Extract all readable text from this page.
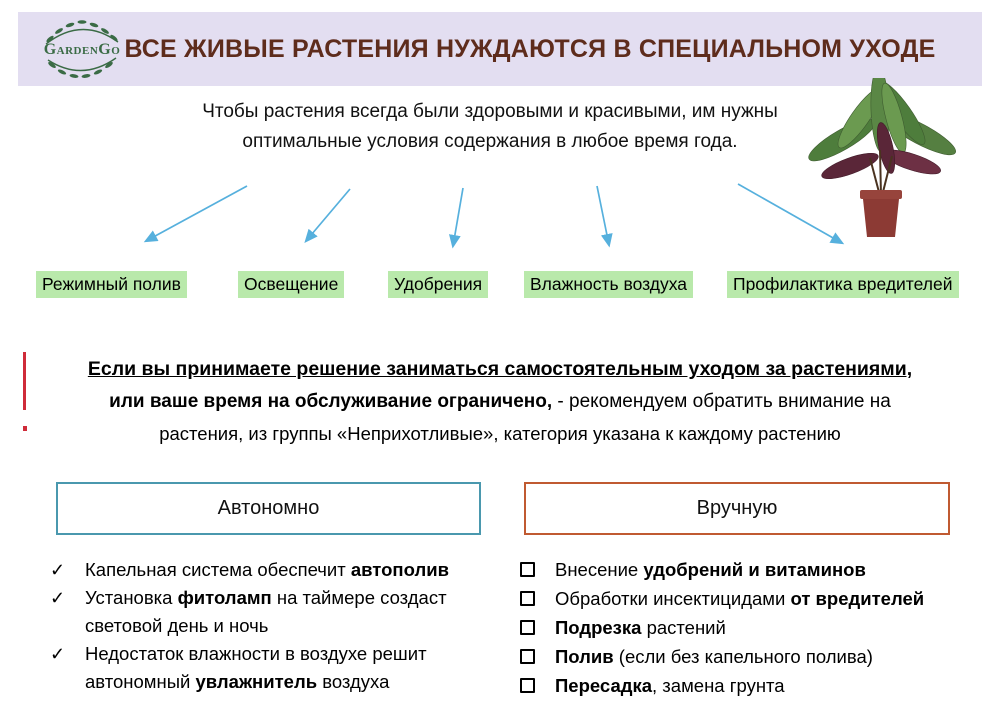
GardenGo ВСЕ ЖИВЫЕ РАСТЕНИЯ НУЖДАЮТСЯ В СПЕЦИАЛЬНОМ УХОДЕ
Чтобы растения всегда были здоровыми и красивыми, им нужны
оптимальные условия содержания в любое время года.
Режимный полив	Освещение	Удобрения	Влажность воздуха	Профилактика вредителей
Если вы принимаете решение заниматься самостоятельным уходом за растениями,
или ваше время на обслуживание ограничено, - рекомендуем обратить внимание на
растения, из группы «Неприхотливые», категория указана к каждому растению
Автономно	Вручную
✓	Капельная система обеспечит автополив
✓	Установка фитоламп на таймере создаст световой день и ночь
✓	Недостаток влажности в воздухе решит автономный увлажнитель воздуха
Внесение удобрений и витаминов
Обработки инсектицидами от вредителей
Подрезка растений
Полив (если без капельного полива)
Пересадка, замена грунта
